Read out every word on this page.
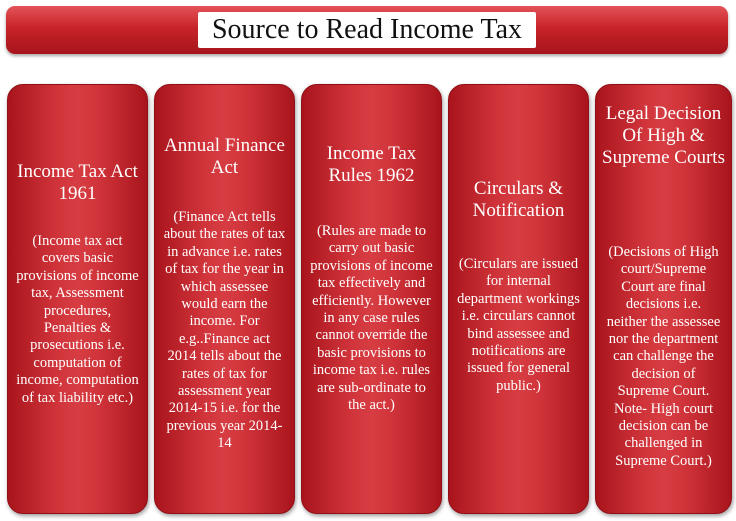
Source to Read Income Tax
Income Tax Act 1961
(Income tax act covers basic provisions of income tax, Assessment procedures, Penalties & prosecutions i.e. computation of income, computation of tax liability etc.)
Annual Finance Act
(Finance Act tells about the rates of tax in advance i.e. rates of tax for the year in which assessee would earn the income. For e.g..Finance act 2014 tells about the rates of tax for assessment year 2014-15 i.e. for the previous year 2014-14
Income Tax Rules 1962
(Rules are made to carry out basic provisions of income tax effectively and efficiently. However in any case rules cannot override the basic provisions to income tax i.e. rules are sub-ordinate to the act.)
Circulars & Notification
(Circulars are issued for internal department workings i.e. circulars cannot bind assessee and notifications are issued for general public.)
Legal Decision Of High & Supreme Courts
(Decisions of High court/Supreme Court are final decisions i.e. neither the assessee nor the department can challenge the decision of Supreme Court. Note- High court decision can be challenged in Supreme Court.)
